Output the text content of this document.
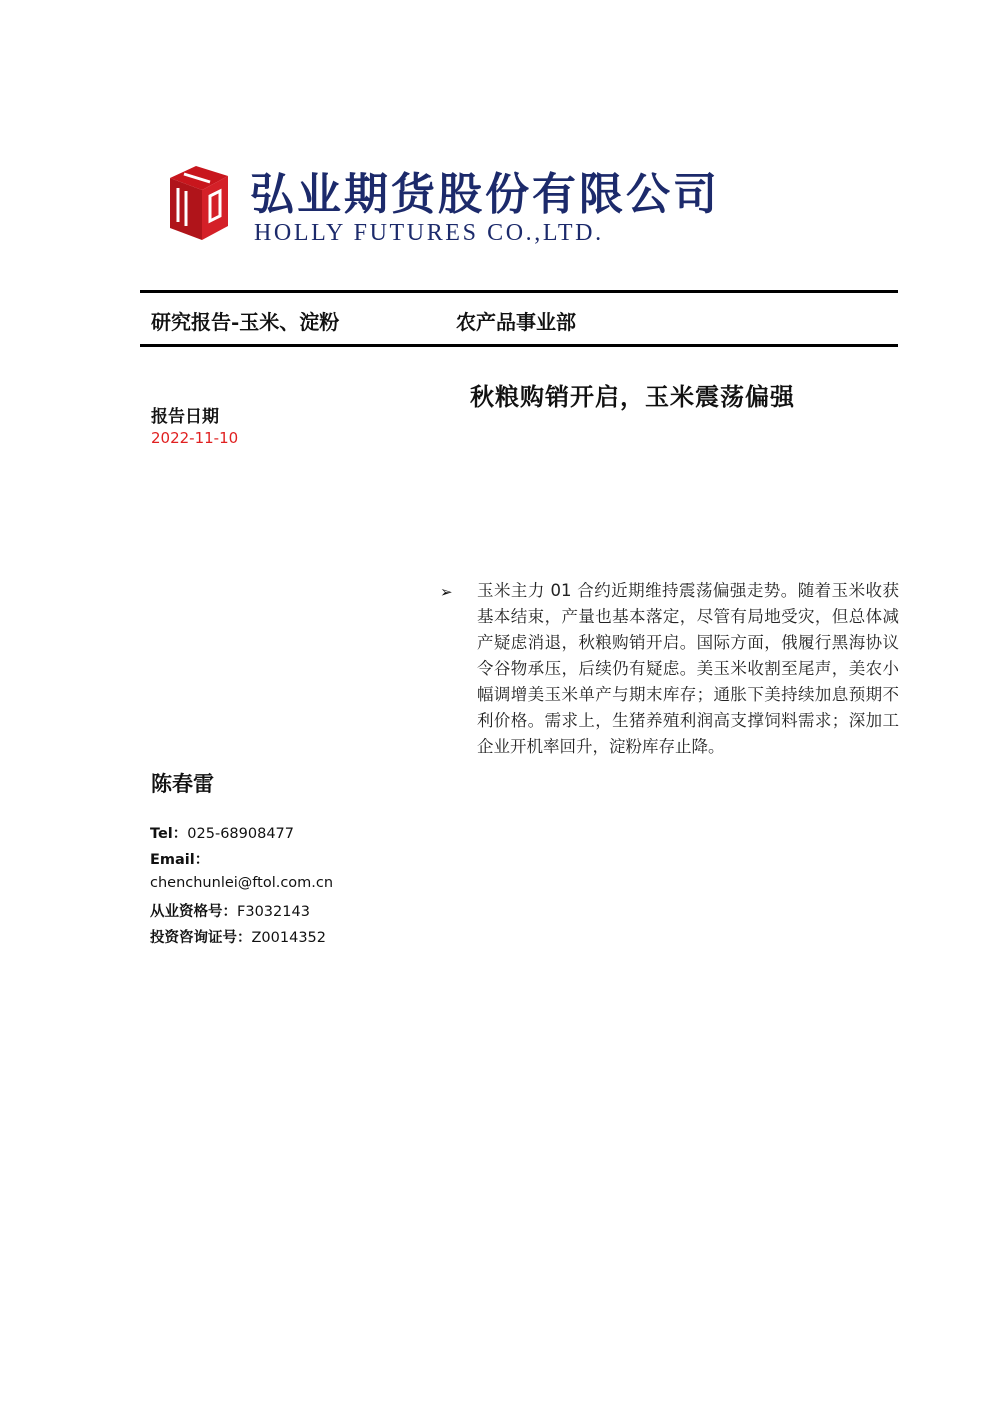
弘业期货股份有限公司
HOLLY FUTURES CO.,LTD.
研究报告-玉米、淀粉	农产品事业部
秋粮购销开启，玉米震荡偏强
报告日期
2022-11-10
➢ 玉米主力 01 合约近期维持震荡偏强走势。随着玉米收获基本结束，产量也基本落定，尽管有局地受灾，但总体减产疑虑消退，秋粮购销开启。国际方面，俄履行黑海协议令谷物承压，后续仍有疑虑。美玉米收割至尾声，美农小幅调增美玉米单产与期末库存；通胀下美持续加息预期不利价格。需求上，生猪养殖利润高支撑饲料需求；深加工企业开机率回升，淀粉库存止降。
陈春雷
Tel：025-68908477
Email：
chenchunlei@ftol.com.cn
从业资格号：F3032143
投资咨询证号：Z0014352
